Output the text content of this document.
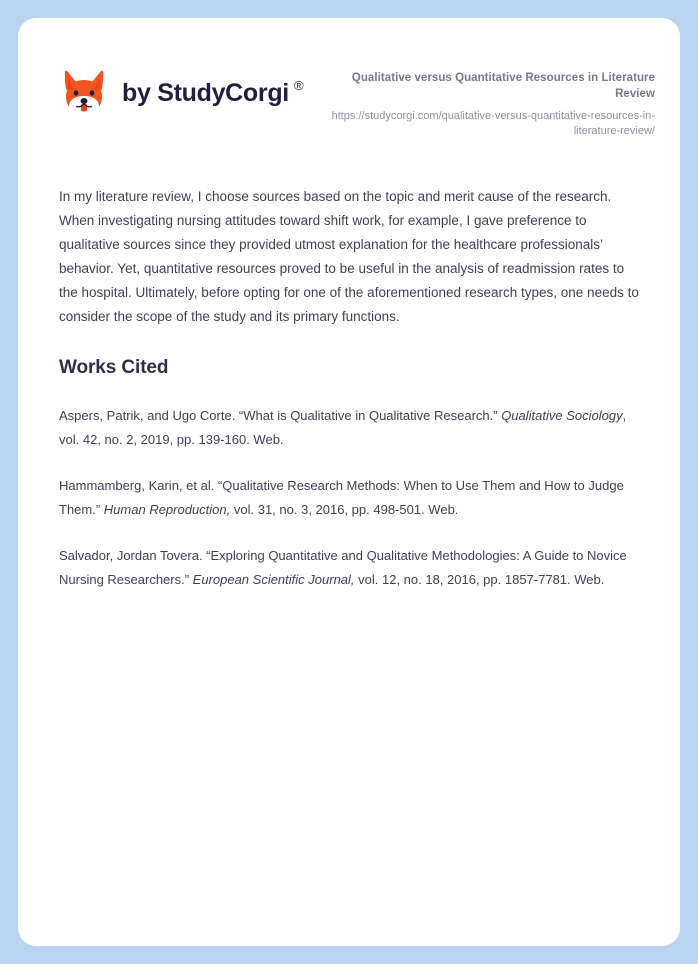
by StudyCorgi ®	Qualitative versus Quantitative Resources in Literature Review

https://studycorgi.com/qualitative-versus-quantitative-resources-in-literature-review/

In my literature review, I choose sources based on the topic and merit cause of the research. When investigating nursing attitudes toward shift work, for example, I gave preference to qualitative sources since they provided utmost explanation for the healthcare professionals’ behavior. Yet, quantitative resources proved to be useful in the analysis of readmission rates to the hospital. Ultimately, before opting for one of the aforementioned research types, one needs to consider the scope of the study and its primary functions.

Works Cited
Aspers, Patrik, and Ugo Corte. “What is Qualitative in Qualitative Research.” Qualitative Sociology, vol. 42, no. 2, 2019, pp. 139-160. Web.
Hammamberg, Karin, et al. “Qualitative Research Methods: When to Use Them and How to Judge Them.” Human Reproduction, vol. 31, no. 3, 2016, pp. 498-501. Web.
Salvador, Jordan Tovera. “Exploring Quantitative and Qualitative Methodologies: A Guide to Novice Nursing Researchers.” European Scientific Journal, vol. 12, no. 18, 2016, pp. 1857-7781. Web.
